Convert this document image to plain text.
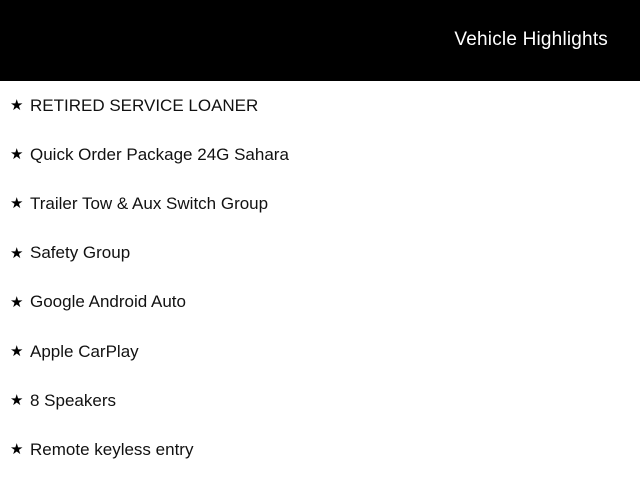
Vehicle Highlights
★ RETIRED SERVICE LOANER
★ Quick Order Package 24G Sahara
★ Trailer Tow & Aux Switch Group
★ Safety Group
★ Google Android Auto
★ Apple CarPlay
★ 8 Speakers
★ Remote keyless entry
